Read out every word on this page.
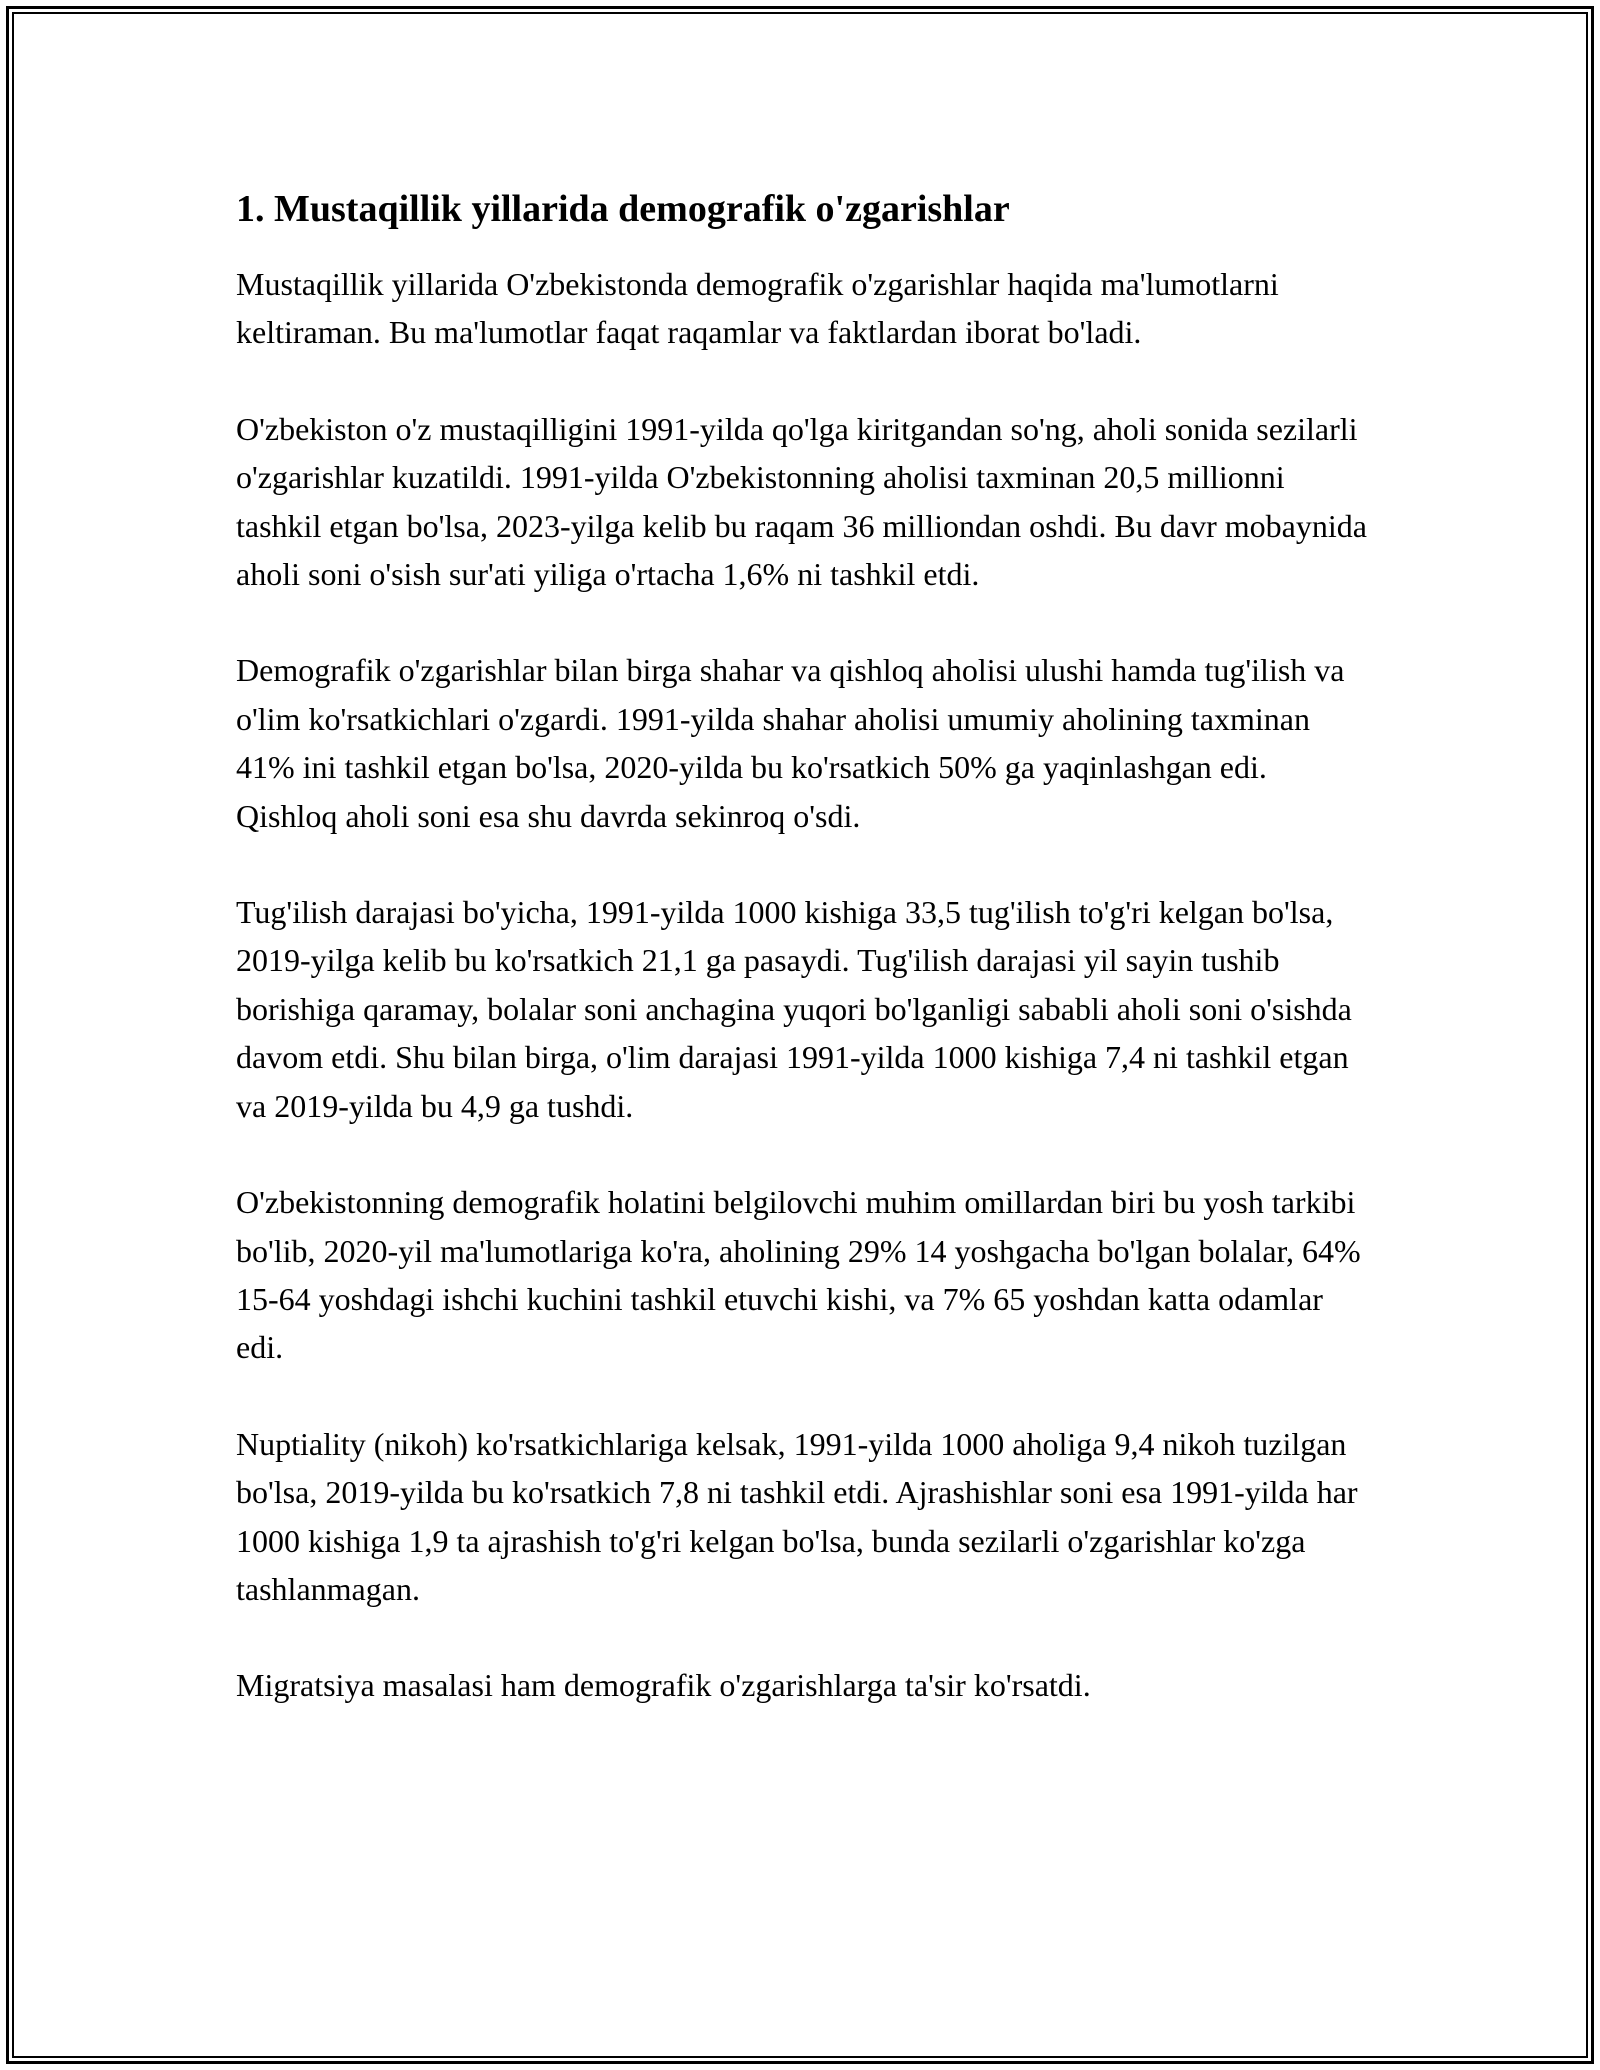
1. Mustaqillik yillarida demografik o'zgarishlar

Mustaqillik yillarida O'zbekistonda demografik o'zgarishlar haqida ma'lumotlarni keltiraman. Bu ma'lumotlar faqat raqamlar va faktlardan iborat bo'ladi.

O'zbekiston o'z mustaqilligini 1991-yilda qo'lga kiritgandan so'ng, aholi sonida sezilarli o'zgarishlar kuzatildi. 1991-yilda O'zbekistonning aholisi taxminan 20,5 millionni tashkil etgan bo'lsa, 2023-yilga kelib bu raqam 36 milliondan oshdi. Bu davr mobaynida aholi soni o'sish sur'ati yiliga o'rtacha 1,6% ni tashkil etdi.

Demografik o'zgarishlar bilan birga shahar va qishloq aholisi ulushi hamda tug'ilish va o'lim ko'rsatkichlari o'zgardi. 1991-yilda shahar aholisi umumiy aholining taxminan 41% ini tashkil etgan bo'lsa, 2020-yilda bu ko'rsatkich 50% ga yaqinlashgan edi. Qishloq aholi soni esa shu davrda sekinroq o'sdi.

Tug'ilish darajasi bo'yicha, 1991-yilda 1000 kishiga 33,5 tug'ilish to'g'ri kelgan bo'lsa, 2019-yilga kelib bu ko'rsatkich 21,1 ga pasaydi. Tug'ilish darajasi yil sayin tushib borishiga qaramay, bolalar soni anchagina yuqori bo'lganligi sababli aholi soni o'sishda davom etdi. Shu bilan birga, o'lim darajasi 1991-yilda 1000 kishiga 7,4 ni tashkil etgan va 2019-yilda bu 4,9 ga tushdi.

O'zbekistonning demografik holatini belgilovchi muhim omillardan biri bu yosh tarkibi bo'lib, 2020-yil ma'lumotlariga ko'ra, aholining 29% 14 yoshgacha bo'lgan bolalar, 64% 15-64 yoshdagi ishchi kuchini tashkil etuvchi kishi, va 7% 65 yoshdan katta odamlar edi.

Nuptiality (nikoh) ko'rsatkichlariga kelsak, 1991-yilda 1000 aholiga 9,4 nikoh tuzilgan bo'lsa, 2019-yilda bu ko'rsatkich 7,8 ni tashkil etdi. Ajrashishlar soni esa 1991-yilda har 1000 kishiga 1,9 ta ajrashish to'g'ri kelgan bo'lsa, bunda sezilarli o'zgarishlar ko'zga tashlanmagan.

Migratsiya masalasi ham demografik o'zgarishlarga ta'sir ko'rsatdi.
